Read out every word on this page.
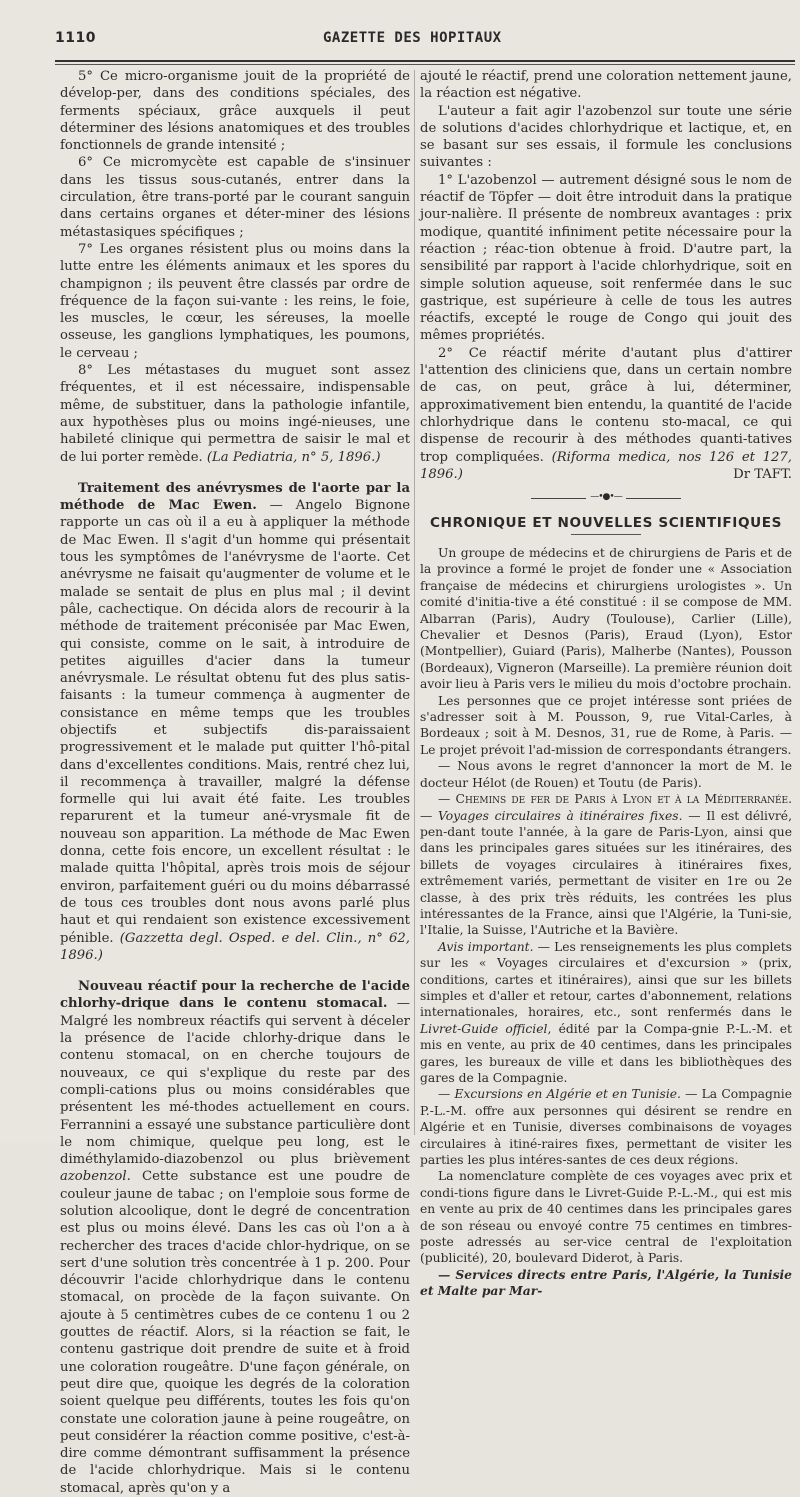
1110	GAZETTE DES HOPITAUX

5° Ce micro-organisme jouit de la propriété de dévelop-per, dans des conditions spéciales, des ferments spéciaux, grâce auxquels il peut déterminer des lésions anatomiques et des troubles fonctionnels de grande intensité ;

6° Ce micromycète est capable de s'insinuer dans les tissus sous-cutanés, entrer dans la circulation, être trans-porté par le courant sanguin dans certains organes et déter-miner des lésions métastasiques spécifiques ;

7° Les organes résistent plus ou moins dans la lutte entre les éléments animaux et les spores du champignon ; ils peuvent être classés par ordre de fréquence de la façon sui-vante : les reins, le foie, les muscles, le cœur, les séreuses, la moelle osseuse, les ganglions lymphatiques, les poumons, le cerveau ;

8° Les métastases du muguet sont assez fréquentes, et il est nécessaire, indispensable même, de substituer, dans la pathologie infantile, aux hypothèses plus ou moins ingé-nieuses, une habileté clinique qui permettra de saisir le mal et de lui porter remède. (La Pediatria, n° 5, 1896.)

Traitement des anévrysmes de l'aorte par la méthode de Mac Ewen. — Angelo Bignone rapporte un cas où il a eu à appliquer la méthode de Mac Ewen. Il s'agit d'un homme qui présentait tous les symptômes de l'anévrysme de l'aorte. Cet anévrysme ne faisait qu'augmenter de volume et le malade se sentait de plus en plus mal ; il devint pâle, cachectique. On décida alors de recourir à la méthode de traitement préconisée par Mac Ewen, qui consiste, comme on le sait, à introduire de petites aiguilles d'acier dans la tumeur anévrysmale. Le résultat obtenu fut des plus satis-faisants : la tumeur commença à augmenter de consistance en même temps que les troubles objectifs et subjectifs dis-paraissaient progressivement et le malade put quitter l'hô-pital dans d'excellentes conditions. Mais, rentré chez lui, il recommença à travailler, malgré la défense formelle qui lui avait été faite. Les troubles reparurent et la tumeur ané-vrysmale fit de nouveau son apparition. La méthode de Mac Ewen donna, cette fois encore, un excellent résultat : le malade quitta l'hôpital, après trois mois de séjour environ, parfaitement guéri ou du moins débarrassé de tous ces troubles dont nous avons parlé plus haut et qui rendaient son existence excessivement pénible. (Gazzetta degl. Osped. e del. Clin., n° 62, 1896.)

Nouveau réactif pour la recherche de l'acide chlorhy-drique dans le contenu stomacal. — Malgré les nombreux réactifs qui servent à déceler la présence de l'acide chlorhy-drique dans le contenu stomacal, on en cherche toujours de nouveaux, ce qui s'explique du reste par des compli-cations plus ou moins considérables que présentent les mé-thodes actuellement en cours. Ferrannini a essayé une substance particulière dont le nom chimique, quelque peu long, est le diméthylamido-diazobenzol ou plus brièvement azobenzol. Cette substance est une poudre de couleur jaune de tabac ; on l'emploie sous forme de solution alcoolique, dont le degré de concentration est plus ou moins élevé. Dans les cas où l'on a à rechercher des traces d'acide chlor-hydrique, on se sert d'une solution très concentrée à 1 p. 200. Pour découvrir l'acide chlorhydrique dans le contenu stomacal, on procède de la façon suivante. On ajoute à 5 centimètres cubes de ce contenu 1 ou 2 gouttes de réactif. Alors, si la réaction se fait, le contenu gastrique doit prendre de suite et à froid une coloration rougeâtre. D'une façon générale, on peut dire que, quoique les degrés de la coloration soient quelque peu différents, toutes les fois qu'on constate une coloration jaune à peine rougeâtre, on peut considérer la réaction comme positive, c'est-à-dire comme démontrant suffisamment la présence de l'acide chlorhydrique. Mais si le contenu stomacal, après qu'on y a

ajouté le réactif, prend une coloration nettement jaune, la réaction est négative.

L'auteur a fait agir l'azobenzol sur toute une série de solutions d'acides chlorhydrique et lactique, et, en se basant sur ses essais, il formule les conclusions suivantes :

1° L'azobenzol — autrement désigné sous le nom de réactif de Töpfer — doit être introduit dans la pratique jour-nalière. Il présente de nombreux avantages : prix modique, quantité infiniment petite nécessaire pour la réaction ; réac-tion obtenue à froid. D'autre part, la sensibilité par rapport à l'acide chlorhydrique, soit en simple solution aqueuse, soit renfermée dans le suc gastrique, est supérieure à celle de tous les autres réactifs, excepté le rouge de Congo qui jouit des mêmes propriétés.

2° Ce réactif mérite d'autant plus d'attirer l'attention des cliniciens que, dans un certain nombre de cas, on peut, grâce à lui, déterminer, approximativement bien entendu, la quantité de l'acide chlorhydrique dans le contenu sto-macal, ce qui dispense de recourir à des méthodes quanti-tatives trop compliquées. (Riforma medica, nos 126 et 127, 1896.)	Dr TAFT.

—•●•—
CHRONIQUE ET NOUVELLES SCIENTIFIQUES

Un groupe de médecins et de chirurgiens de Paris et de la province a formé le projet de fonder une « Association française de médecins et chirurgiens urologistes ». Un comité d'initia-tive a été constitué : il se compose de MM. Albarran (Paris), Audry (Toulouse), Carlier (Lille), Chevalier et Desnos (Paris), Eraud (Lyon), Estor (Montpellier), Guiard (Paris), Malherbe (Nantes), Pousson (Bordeaux), Vigneron (Marseille). La première réunion doit avoir lieu à Paris vers le milieu du mois d'octobre prochain.

Les personnes que ce projet intéresse sont priées de s'adresser soit à M. Pousson, 9, rue Vital-Carles, à Bordeaux ; soit à M. Desnos, 31, rue de Rome, à Paris. — Le projet prévoit l'ad-mission de correspondants étrangers.

— Nous avons le regret d'annoncer la mort de M. le docteur Hélot (de Rouen) et Toutu (de Paris).

— Chemins de fer de Paris à Lyon et à la Méditerranée. — Voyages circulaires à itinéraires fixes. — Il est délivré, pen-dant toute l'année, à la gare de Paris-Lyon, ainsi que dans les principales gares situées sur les itinéraires, des billets de voyages circulaires à itinéraires fixes, extrêmement variés, permettant de visiter en 1re ou 2e classe, à des prix très réduits, les contrées les plus intéressantes de la France, ainsi que l'Algérie, la Tuni-sie, l'Italie, la Suisse, l'Autriche et la Bavière.

Avis important. — Les renseignements les plus complets sur les « Voyages circulaires et d'excursion » (prix, conditions, cartes et itinéraires), ainsi que sur les billets simples et d'aller et retour, cartes d'abonnement, relations internationales, horaires, etc., sont renfermés dans le Livret-Guide officiel, édité par la Compa-gnie P.-L.-M. et mis en vente, au prix de 40 centimes, dans les principales gares, les bureaux de ville et dans les bibliothèques des gares de la Compagnie.

— Excursions en Algérie et en Tunisie. — La Compagnie P.-L.-M. offre aux personnes qui désirent se rendre en Algérie et en Tunisie, diverses combinaisons de voyages circulaires à itiné-raires fixes, permettant de visiter les parties les plus intéres-santes de ces deux régions.

La nomenclature complète de ces voyages avec prix et condi-tions figure dans le Livret-Guide P.-L.-M., qui est mis en vente au prix de 40 centimes dans les principales gares de son réseau ou envoyé contre 75 centimes en timbres-poste adressés au ser-vice central de l'exploitation (publicité), 20, boulevard Diderot, à Paris.

— Services directs entre Paris, l'Algérie, la Tunisie et Malte par Mar-
